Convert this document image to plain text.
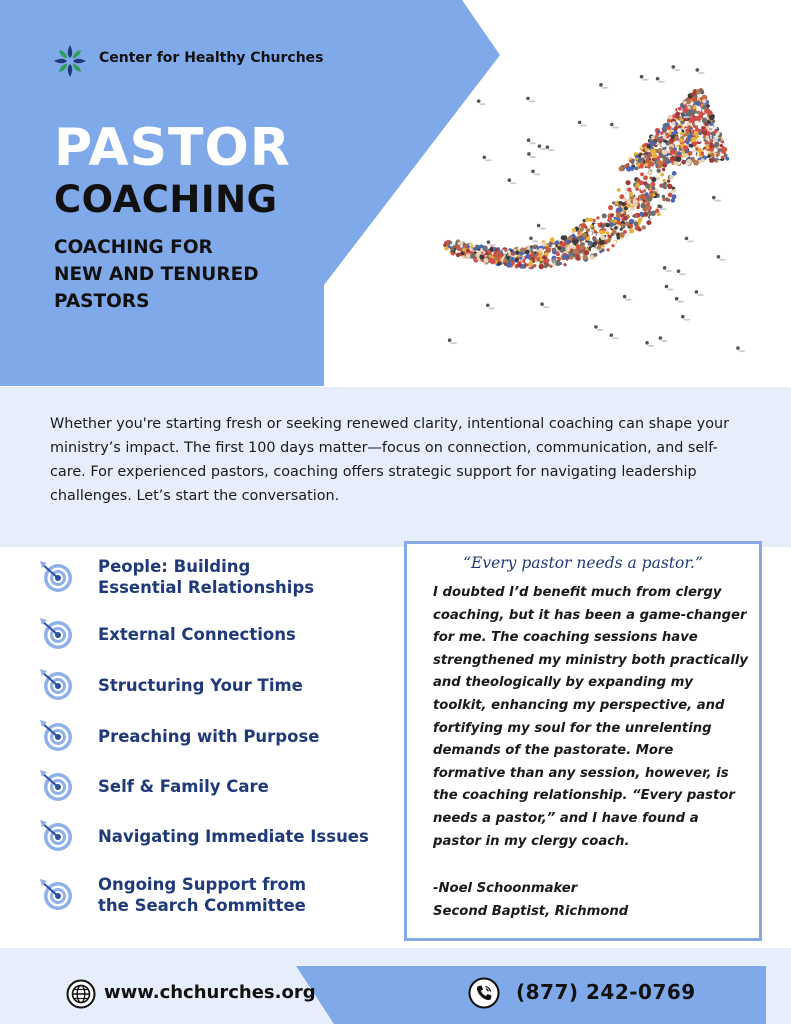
Center for Healthy Churches
PASTOR
COACHING
COACHING FOR
NEW AND TENURED
PASTORS
Whether you're starting fresh or seeking renewed clarity, intentional coaching can shape your ministry’s impact. The first 100 days matter—focus on connection, communication, and self-care. For experienced pastors, coaching offers strategic support for navigating leadership challenges. Let’s start the conversation.
People: Building
Essential Relationships
External Connections
Structuring Your Time
Preaching with Purpose
Self & Family Care
Navigating Immediate Issues
Ongoing Support from
the Search Committee
“Every pastor needs a pastor.”
I doubted I’d benefit much from clergy coaching, but it has been a game-changer for me. The coaching sessions have strengthened my ministry both practically and theologically by expanding my toolkit, enhancing my perspective, and fortifying my soul for the unrelenting demands of the pastorate. More formative than any session, however, is the coaching relationship. “Every pastor needs a pastor,” and I have found a pastor in my clergy coach.
-Noel Schoonmaker
Second Baptist, Richmond
www.chchurches.org	(877) 242-0769
